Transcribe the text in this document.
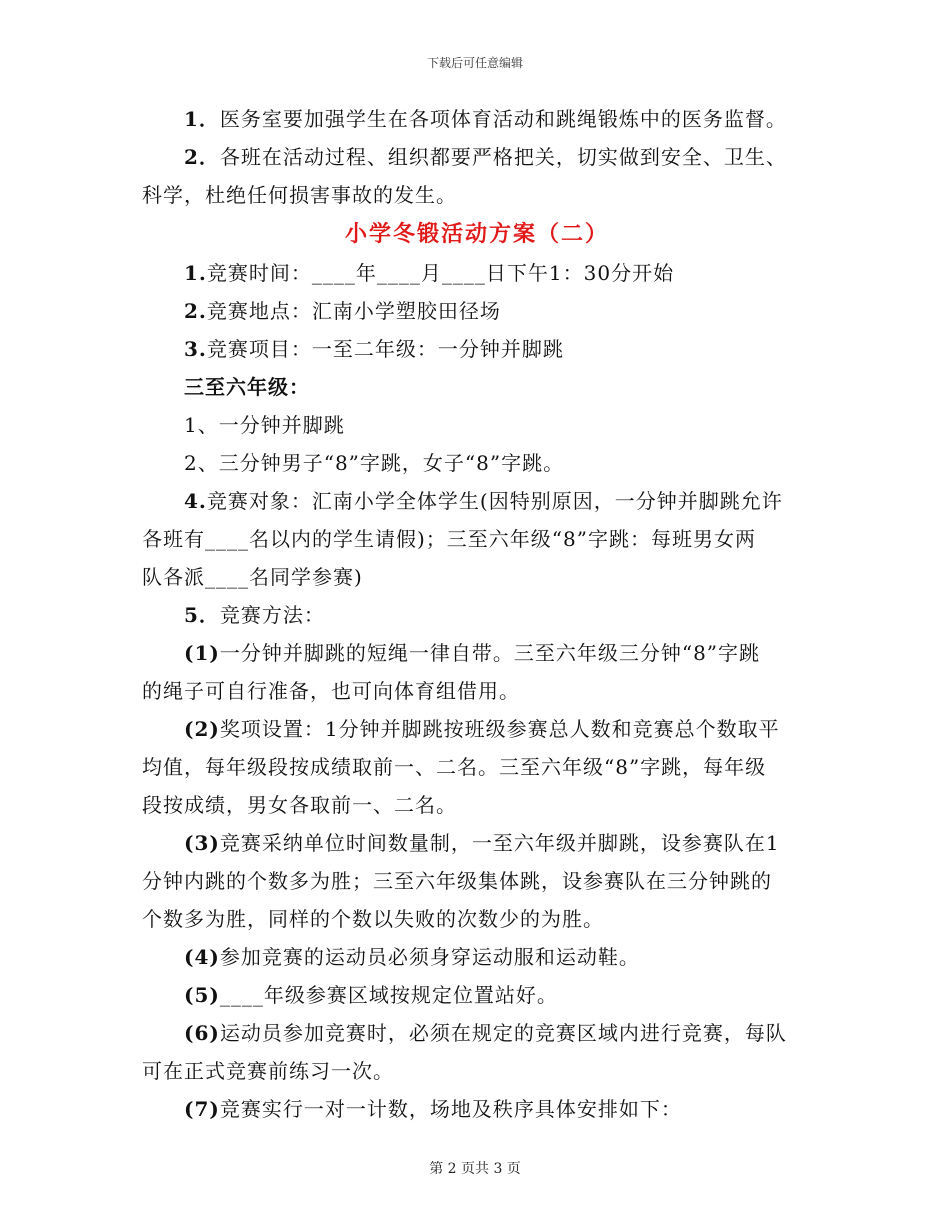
下载后可任意编辑
1．医务室要加强学生在各项体育活动和跳绳锻炼中的医务监督。
2．各班在活动过程、组织都要严格把关，切实做到安全、卫生、
科学，杜绝任何损害事故的发生。
小学冬锻活动方案（二）
1.竞赛时间：____年____月____日下午1：30分开始
2.竞赛地点：汇南小学塑胶田径场
3.竞赛项目：一至二年级：一分钟并脚跳
三至六年级：
1、一分钟并脚跳
2、三分钟男子“8”字跳，女子“8”字跳。
4.竞赛对象：汇南小学全体学生(因特别原因，一分钟并脚跳允许
各班有____名以内的学生请假)；三至六年级“8”字跳：每班男女两
队各派____名同学参赛)
5．竞赛方法：
(1)一分钟并脚跳的短绳一律自带。三至六年级三分钟“8”字跳
的绳子可自行准备，也可向体育组借用。
(2)奖项设置：1分钟并脚跳按班级参赛总人数和竞赛总个数取平
均值，每年级段按成绩取前一、二名。三至六年级“8”字跳，每年级
段按成绩，男女各取前一、二名。
(3)竞赛采纳单位时间数量制，一至六年级并脚跳，设参赛队在1
分钟内跳的个数多为胜；三至六年级集体跳，设参赛队在三分钟跳的
个数多为胜，同样的个数以失败的次数少的为胜。
(4)参加竞赛的运动员必须身穿运动服和运动鞋。
(5)____年级参赛区域按规定位置站好。
(6)运动员参加竞赛时，必须在规定的竞赛区域内进行竞赛，每队
可在正式竞赛前练习一次。
(7)竞赛实行一对一计数，场地及秩序具体安排如下：
第 2 页共 3 页
